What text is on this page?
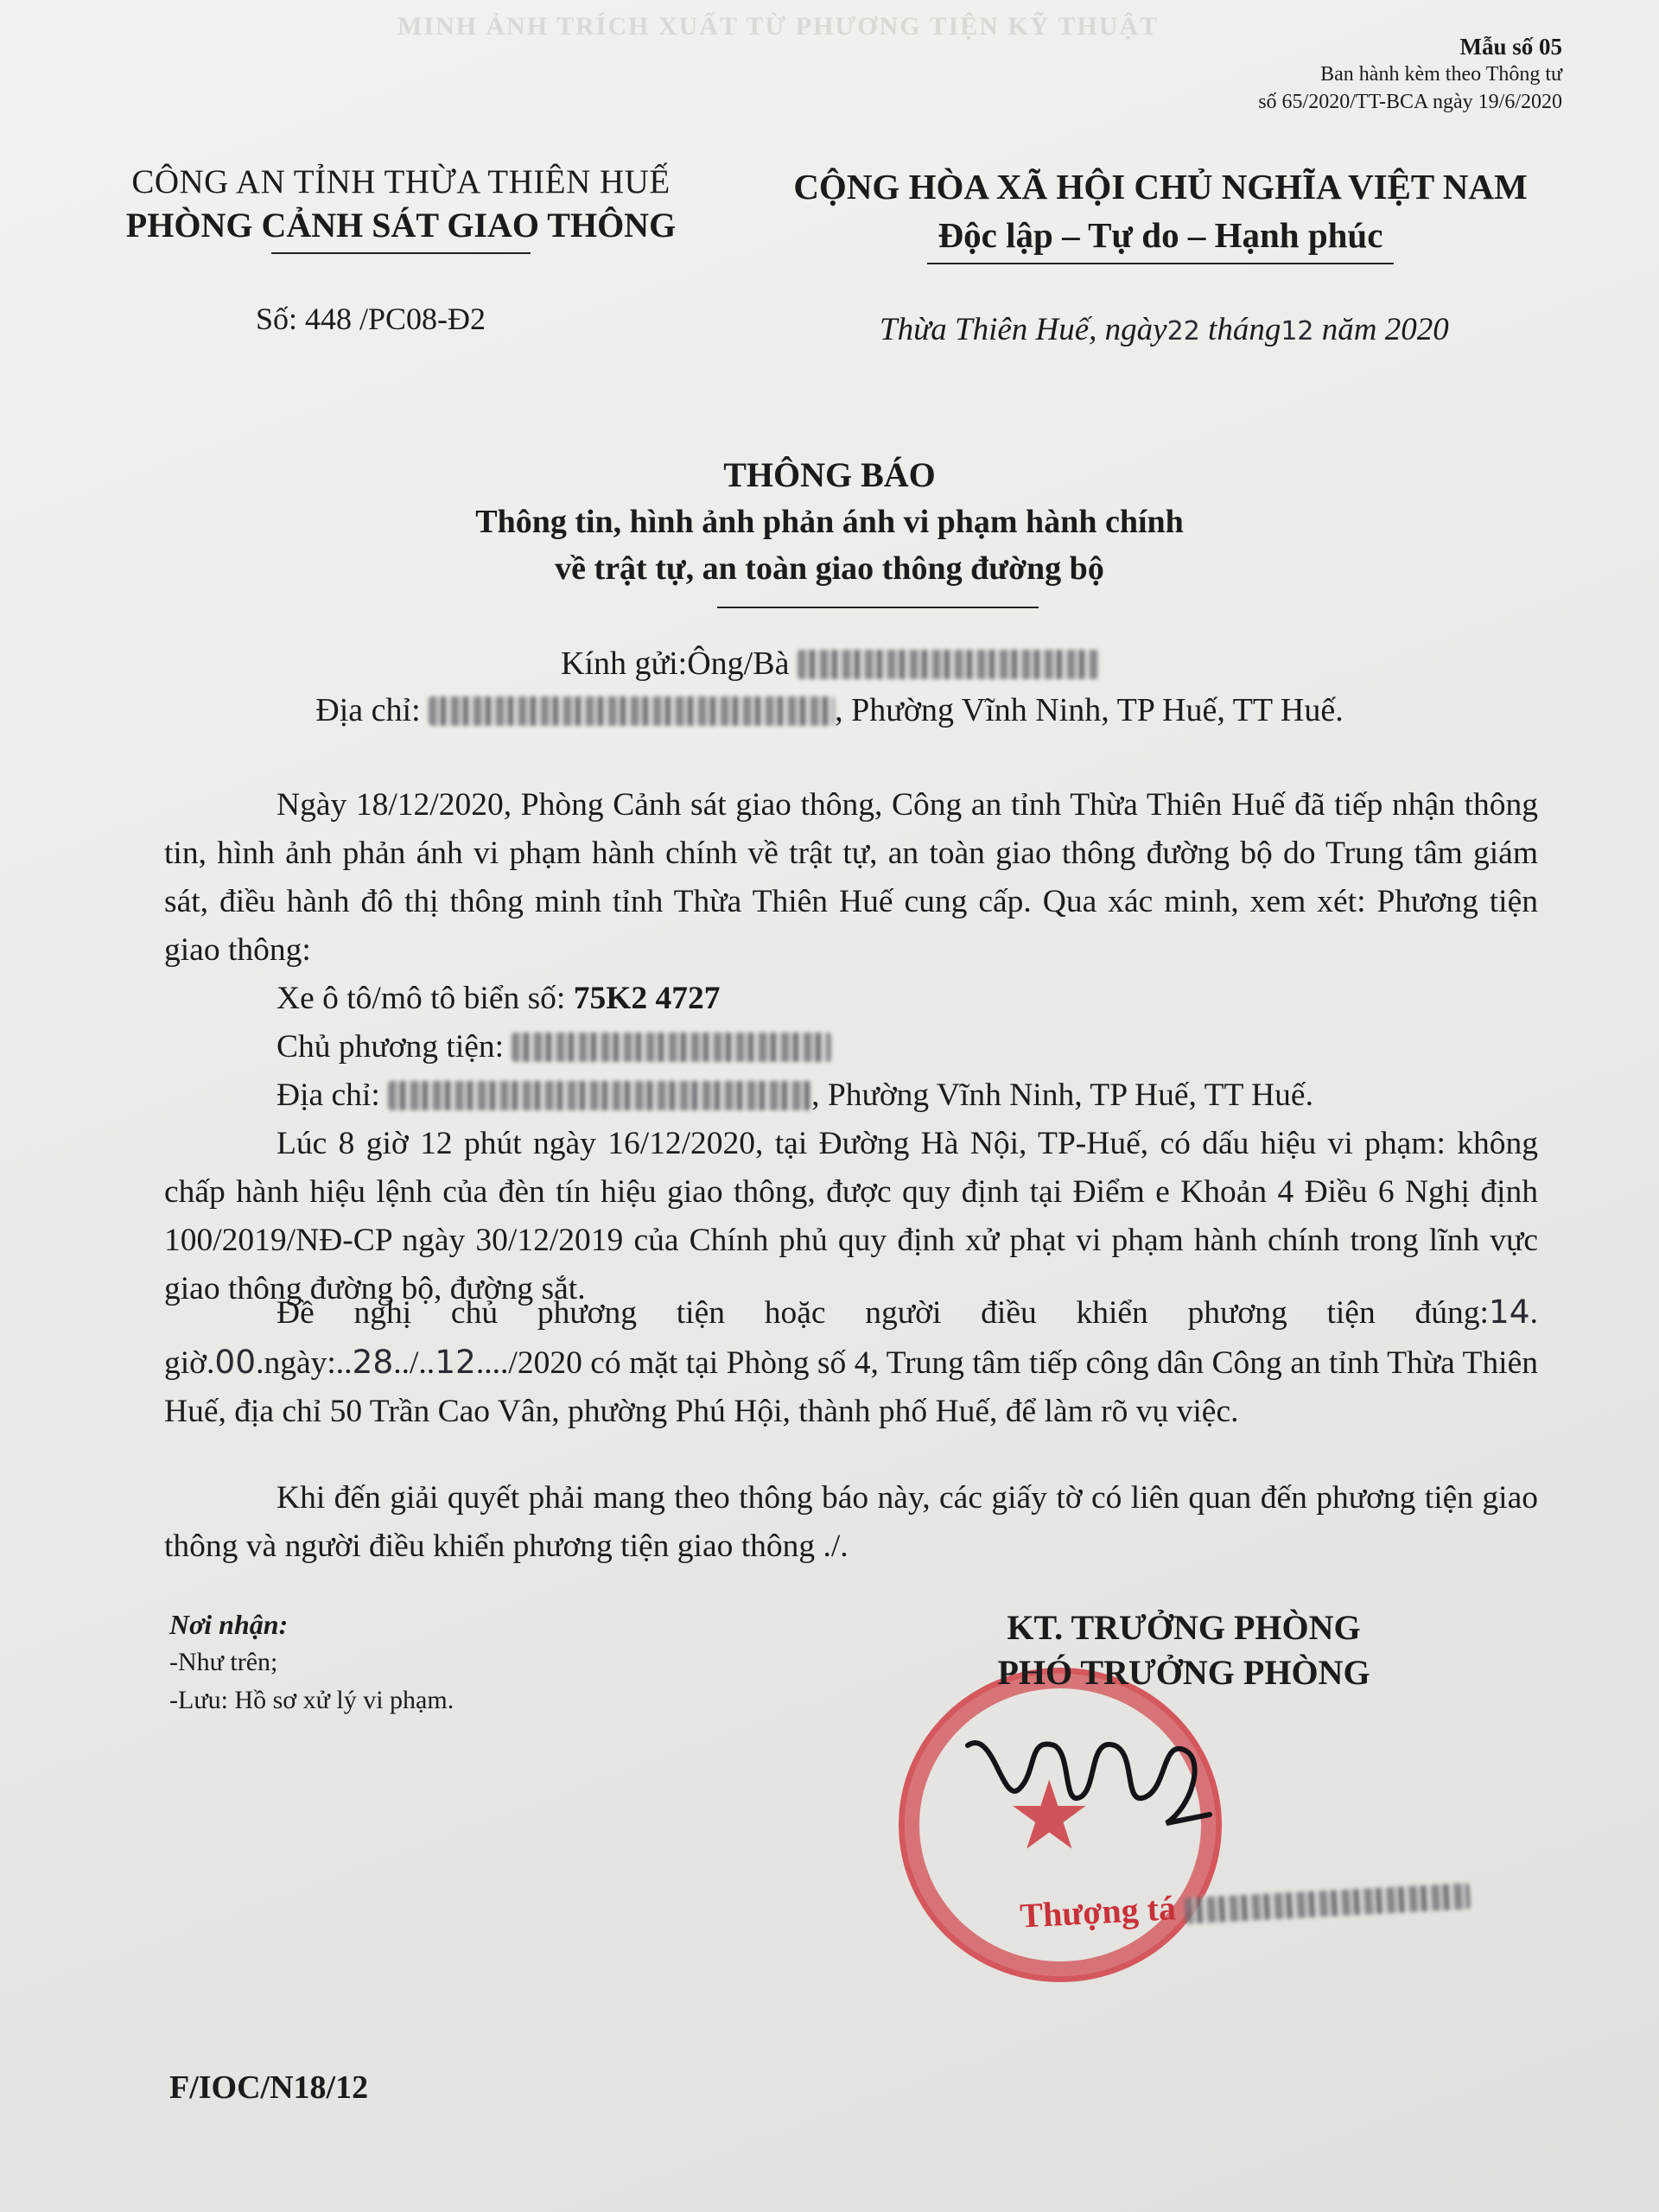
MINH ẢNH TRÍCH XUẤT TỪ PHƯƠNG TIỆN KỸ THUẬT
Mẫu số 05
Ban hành kèm theo Thông tư
số 65/2020/TT-BCA ngày 19/6/2020
CÔNG AN TỈNH THỪA THIÊN HUẾ
PHÒNG CẢNH SÁT GIAO THÔNG
CỘNG HÒA XÃ HỘI CHỦ NGHĨA VIỆT NAM
Độc lập – Tự do – Hạnh phúc
Số: 448 /PC08-Đ2	Thừa Thiên Huế, ngày22 tháng12 năm 2020
THÔNG BÁO
Thông tin, hình ảnh phản ánh vi phạm hành chính
về trật tự, an toàn giao thông đường bộ
Kính gửi:Ông/Bà
Địa chỉ:	, Phường Vĩnh Ninh, TP Huế, TT Huế.
Ngày 18/12/2020, Phòng Cảnh sát giao thông, Công an tỉnh Thừa Thiên Huế đã tiếp nhận thông tin, hình ảnh phản ánh vi phạm hành chính về trật tự, an toàn giao thông đường bộ do Trung tâm giám sát, điều hành đô thị thông minh tỉnh Thừa Thiên Huế cung cấp. Qua xác minh, xem xét: Phương tiện giao thông:
Xe ô tô/mô tô biển số: 75K2 4727
Chủ phương tiện:
Địa chỉ:	, Phường Vĩnh Ninh, TP Huế, TT Huế.
Lúc 8 giờ 12 phút ngày 16/12/2020, tại Đường Hà Nội, TP-Huế, có dấu hiệu vi phạm: không chấp hành hiệu lệnh của đèn tín hiệu giao thông, được quy định tại Điểm e Khoản 4 Điều 6 Nghị định 100/2019/NĐ-CP ngày 30/12/2019 của Chính phủ quy định xử phạt vi phạm hành chính trong lĩnh vực giao thông đường bộ, đường sắt.
Đề nghị chủ phương tiện hoặc người điều khiển phương tiện đúng:14. giờ.00.ngày:..28../..12..../2020 có mặt tại Phòng số 4, Trung tâm tiếp công dân Công an tỉnh Thừa Thiên Huế, địa chỉ 50 Trần Cao Vân, phường Phú Hội, thành phố Huế, để làm rõ vụ việc.
Khi đến giải quyết phải mang theo thông báo này, các giấy tờ có liên quan đến phương tiện giao thông và người điều khiển phương tiện giao thông ./.
Nơi nhận:
-Như trên;
-Lưu: Hồ sơ xử lý vi phạm.
★
KT. TRƯỞNG PHÒNG
PHÓ TRƯỞNG PHÒNG
Thượng tá
F/IOC/N18/12
